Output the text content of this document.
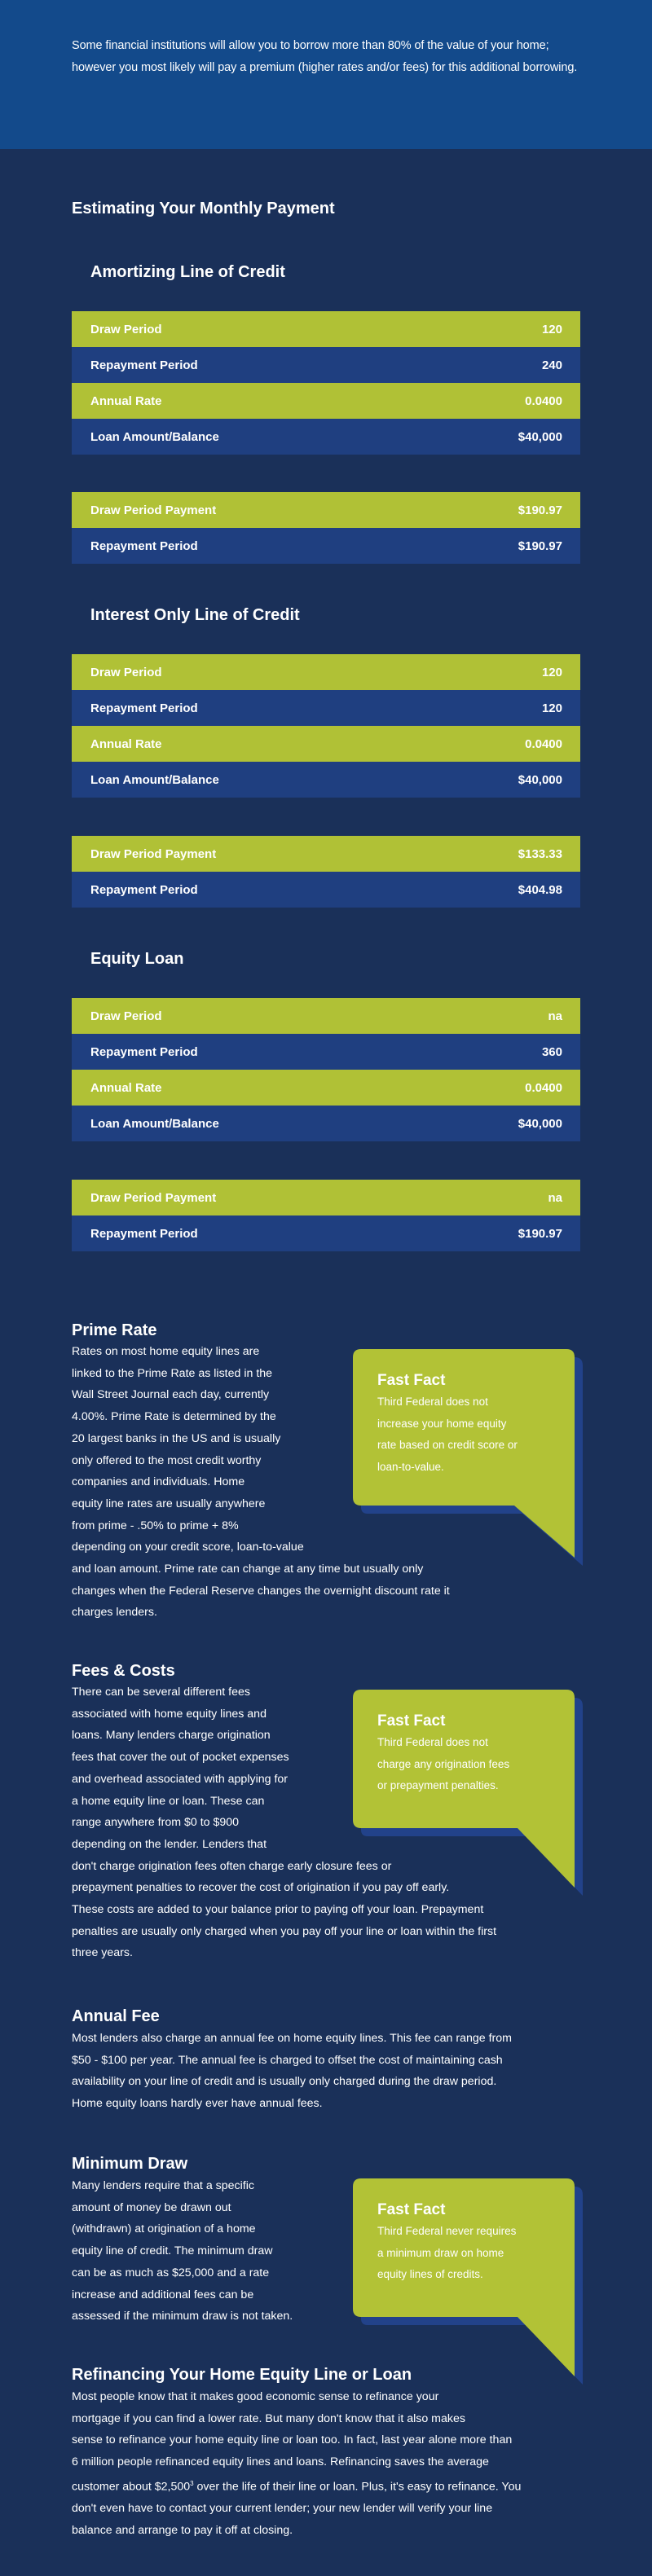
Some financial institutions will allow you to borrow more than 80% of the value of your home; however you most likely will pay a premium (higher rates and/or fees) for this additional borrowing.

Estimating Your Monthly Payment
Amortizing Line of Credit
Draw Period	120
Repayment Period	240
Annual Rate	0.0400
Loan Amount/Balance	$40,000
Draw Period Payment	$190.97
Repayment Period	$190.97
Interest Only Line of Credit
Draw Period	120
Repayment Period	120
Annual Rate	0.0400
Loan Amount/Balance	$40,000
Draw Period Payment	$133.33
Repayment Period	$404.98
Equity Loan
Draw Period	na
Repayment Period	360
Annual Rate	0.0400
Loan Amount/Balance	$40,000
Draw Period Payment	na
Repayment Period	$190.97
Prime Rate
Rates on most home equity lines are
linked to the Prime Rate as listed in the
Wall Street Journal each day, currently
4.00%. Prime Rate is determined by the
20 largest banks in the US and is usually
only offered to the most credit worthy
companies and individuals. Home
equity line rates are usually anywhere
from prime - .50% to prime + 8%
depending on your credit score, loan-to-value
and loan amount. Prime rate can change at any time but usually only
changes when the Federal Reserve changes the overnight discount rate it
charges lenders.
Fast Fact
Third Federal does not
increase your home equity
rate based on credit score or
loan-to-value.
Fees & Costs
There can be several different fees
associated with home equity lines and
loans. Many lenders charge origination
fees that cover the out of pocket expenses
and overhead associated with applying for
a home equity line or loan. These can
range anywhere from $0 to $900
depending on the lender. Lenders that
don't charge origination fees often charge early closure fees or
prepayment penalties to recover the cost of origination if you pay off early.
These costs are added to your balance prior to paying off your loan. Prepayment
penalties are usually only charged when you pay off your line or loan within the first
three years.
Fast Fact
Third Federal does not
charge any origination fees
or prepayment penalties.
Annual Fee
Most lenders also charge an annual fee on home equity lines. This fee can range from
$50 - $100 per year. The annual fee is charged to offset the cost of maintaining cash
availability on your line of credit and is usually only charged during the draw period.
Home equity loans hardly ever have annual fees.
Minimum Draw
Many lenders require that a specific
amount of money be drawn out
(withdrawn) at origination of a home
equity line of credit. The minimum draw
can be as much as $25,000 and a rate
increase and additional fees can be
assessed if the minimum draw is not taken.
Fast Fact
Third Federal never requires
a minimum draw on home
equity lines of credits.
Refinancing Your Home Equity Line or Loan
Most people know that it makes good economic sense to refinance your
mortgage if you can find a lower rate. But many don't know that it also makes
sense to refinance your home equity line or loan too. In fact, last year alone more than
6 million people refinanced equity lines and loans. Refinancing saves the average
customer about $2,500$^3$ over the life of their line or loan. Plus, it's easy to refinance. You
don't even have to contact your current lender; your new lender will verify your line
balance and arrange to pay it off at closing.
